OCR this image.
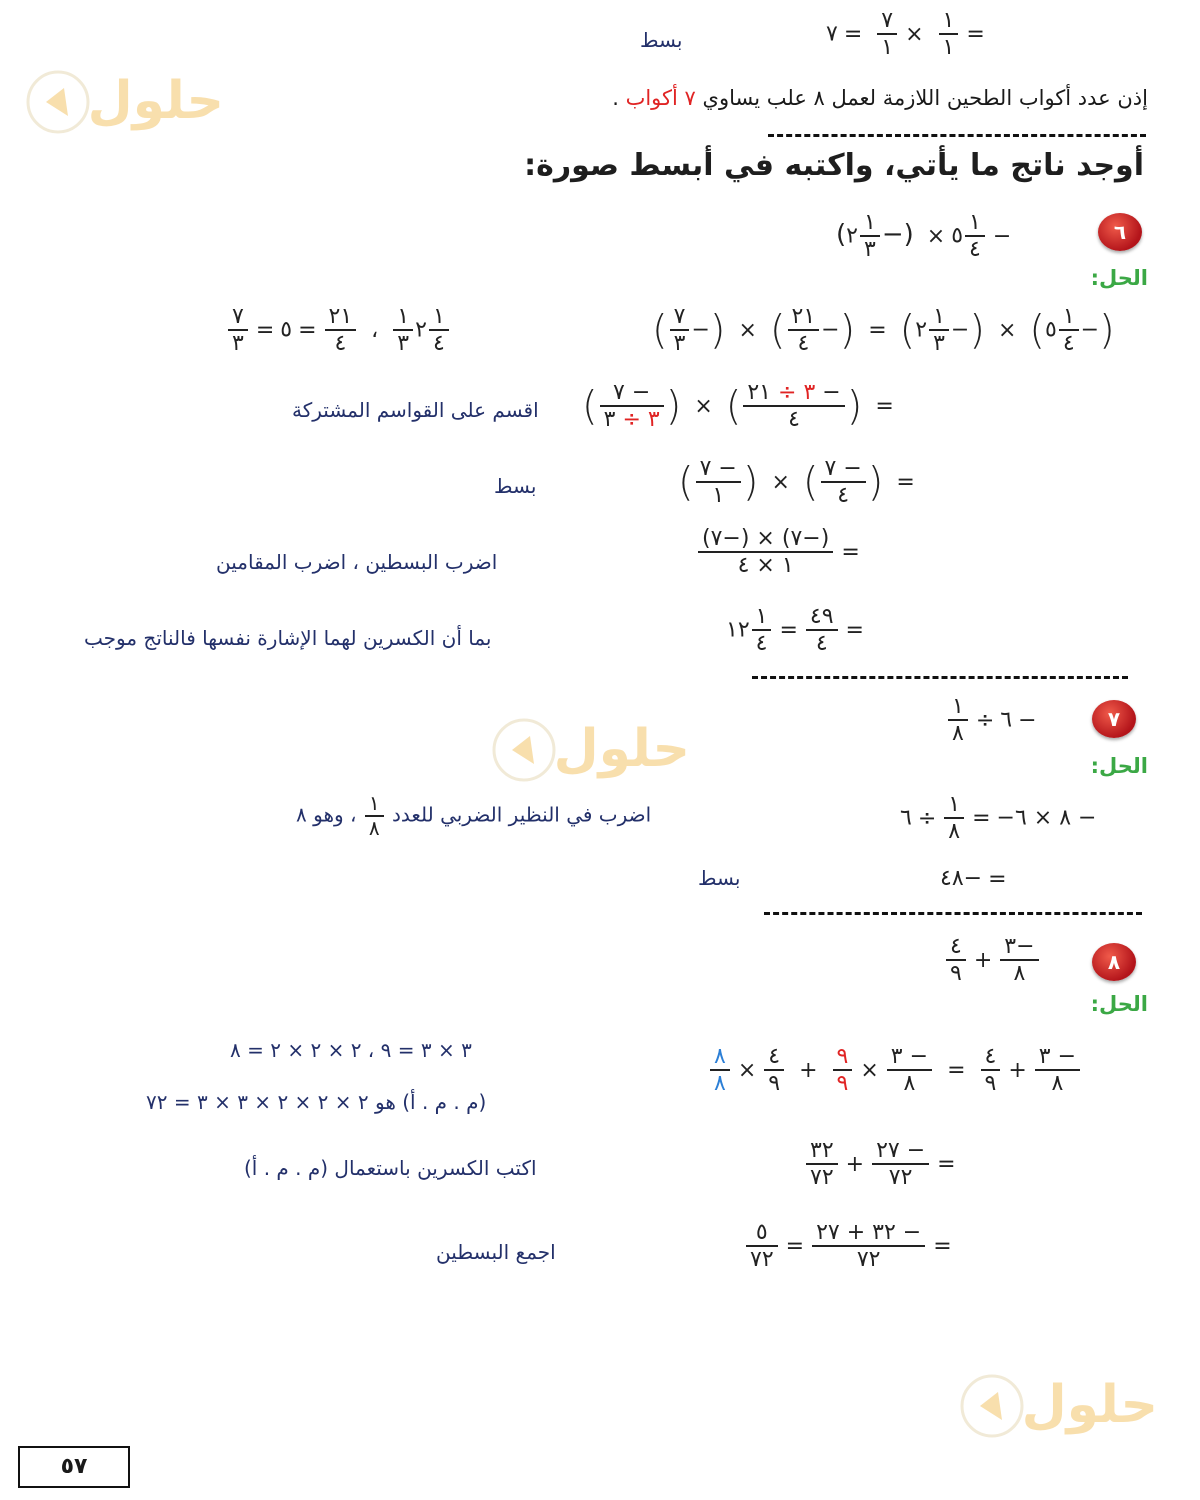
حلول
حلول
حلول
٧ = $\frac{٧}{١} \times \frac{١}{١}$ =
بسط
إذن عدد أكواب الطحين اللازمة لعمل ٨ علب يساوي ٧ أكواب .
أوجد ناتج ما يأتي، واكتبه في أبسط صورة:
٦
(٢ $\frac{١}{٣}$ −) × ٥ $\frac{١}{٤}$ −
الحل:
( $\frac{٧}{٣}$ −) × ( $\frac{٢١}{٤}$ −) = (٢ $\frac{١}{٣}$ −) × (٥ $\frac{١}{٤}$ −)
$\frac{٧}{٣}$ =	٢
$\frac{١}{٣}$
،
$\frac{٢١}{٤}$
=٥	$\frac{١}{٤}$
( $\frac{٧ -}{٣ \div ٣}$ ) × ( $\frac{٣ \div ٢١ -}{٤}$ ) =
اقسم على القواسم المشتركة
( $\frac{٧ -}{١}$ ) × ( $\frac{٧ -}{٤}$ ) =
بسط
$\frac{(٧-) \times (٧-)}{١ \times ٤}$ =
اضرب البسطين ، اضرب المقامين
١٢ $\frac{١}{٤} = \frac{٤٩}{٤}$ =
بما أن الكسرين لهما الإشارة نفسها فالناتج موجب
٧
$\frac{١}{٨}$ ÷ ٦ −
الحل:
٨ × ٦−=
$\frac{١}{٨}$
÷٦ −
اضرب في النظير الضربي للعدد
$\frac{١}{٨}$
، وهو ٨
٤٨− =
بسط
٨
$\frac{٤}{٩} + \frac{٣-}{٨}$
الحل:
$\frac{٨}{٨} \times \frac{٤}{٩} + \frac{٩}{٩} \times \frac{٣ -}{٨} = \frac{٤}{٩} + \frac{٣ -}{٨}$
٣ × ٣ = ٩ ، ٢ × ٢ × ٢ = ٨
(م . م . أ) هو ٢ × ٢ × ٢ × ٣ × ٣ = ٧٢
$\frac{٣٢}{٧٢} + \frac{٢٧ -}{٧٢}$ =
اكتب الكسرين باستعمال (م . م . أ)
$\frac{٥}{٧٢} = \frac{٣٢ + ٢٧ -}{٧٢}$ =
اجمع البسطين
٥٧
